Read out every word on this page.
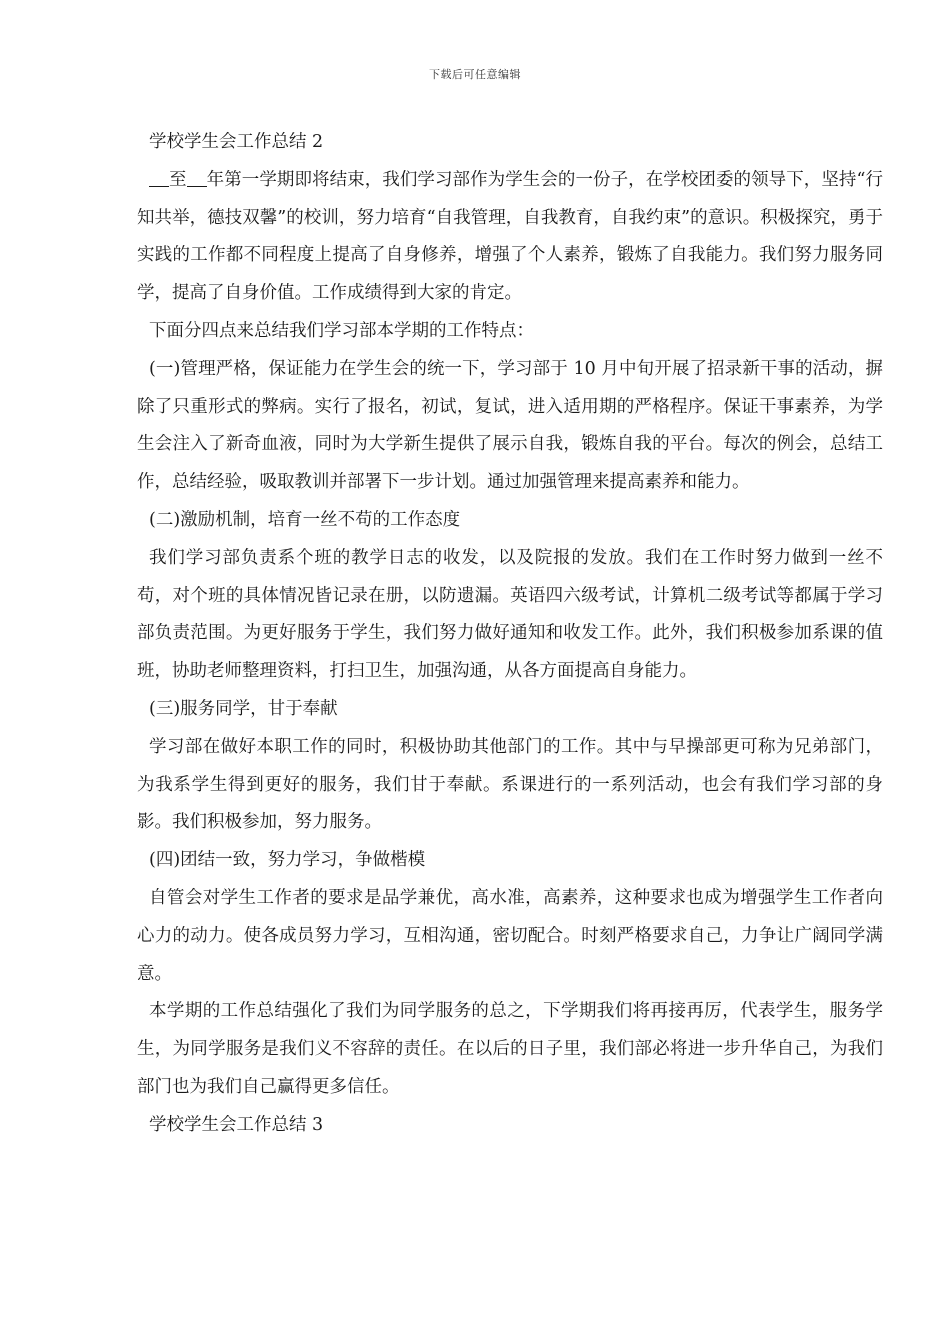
下载后可任意编辑

学校学生会工作总结 2

至 年第一学期即将结束，我们学习部作为学生会的一份子，在学校团委的领导下，坚持“行知共举，德技双馨”的校训，努力培育“自我管理，自我教育，自我约束”的意识。积极探究，勇于实践的工作都不同程度上提高了自身修养，增强了个人素养，锻炼了自我能力。我们努力服务同学，提高了自身价值。工作成绩得到大家的肯定。

下面分四点来总结我们学习部本学期的工作特点：

(一)管理严格，保证能力在学生会的统一下，学习部于 10 月中旬开展了招录新干事的活动，摒除了只重形式的弊病。实行了报名，初试，复试，进入适用期的严格程序。保证干事素养，为学生会注入了新奇血液，同时为大学新生提供了展示自我，锻炼自我的平台。每次的例会，总结工作，总结经验，吸取教训并部署下一步计划。通过加强管理来提高素养和能力。

(二)激励机制，培育一丝不苟的工作态度

我们学习部负责系个班的教学日志的收发，以及院报的发放。我们在工作时努力做到一丝不苟，对个班的具体情况皆记录在册，以防遗漏。英语四六级考试，计算机二级考试等都属于学习部负责范围。为更好服务于学生，我们努力做好通知和收发工作。此外，我们积极参加系课的值班，协助老师整理资料，打扫卫生，加强沟通，从各方面提高自身能力。

(三)服务同学，甘于奉献

学习部在做好本职工作的同时，积极协助其他部门的工作。其中与早操部更可称为兄弟部门，为我系学生得到更好的服务，我们甘于奉献。系课进行的一系列活动，也会有我们学习部的身影。我们积极参加，努力服务。

(四)团结一致，努力学习，争做楷模

自管会对学生工作者的要求是品学兼优，高水准，高素养，这种要求也成为增强学生工作者向心力的动力。使各成员努力学习，互相沟通，密切配合。时刻严格要求自己，力争让广阔同学满意。

本学期的工作总结强化了我们为同学服务的总之，下学期我们将再接再厉，代表学生，服务学生，为同学服务是我们义不容辞的责任。在以后的日子里，我们部必将进一步升华自己，为我们部门也为我们自己赢得更多信任。

学校学生会工作总结 3
